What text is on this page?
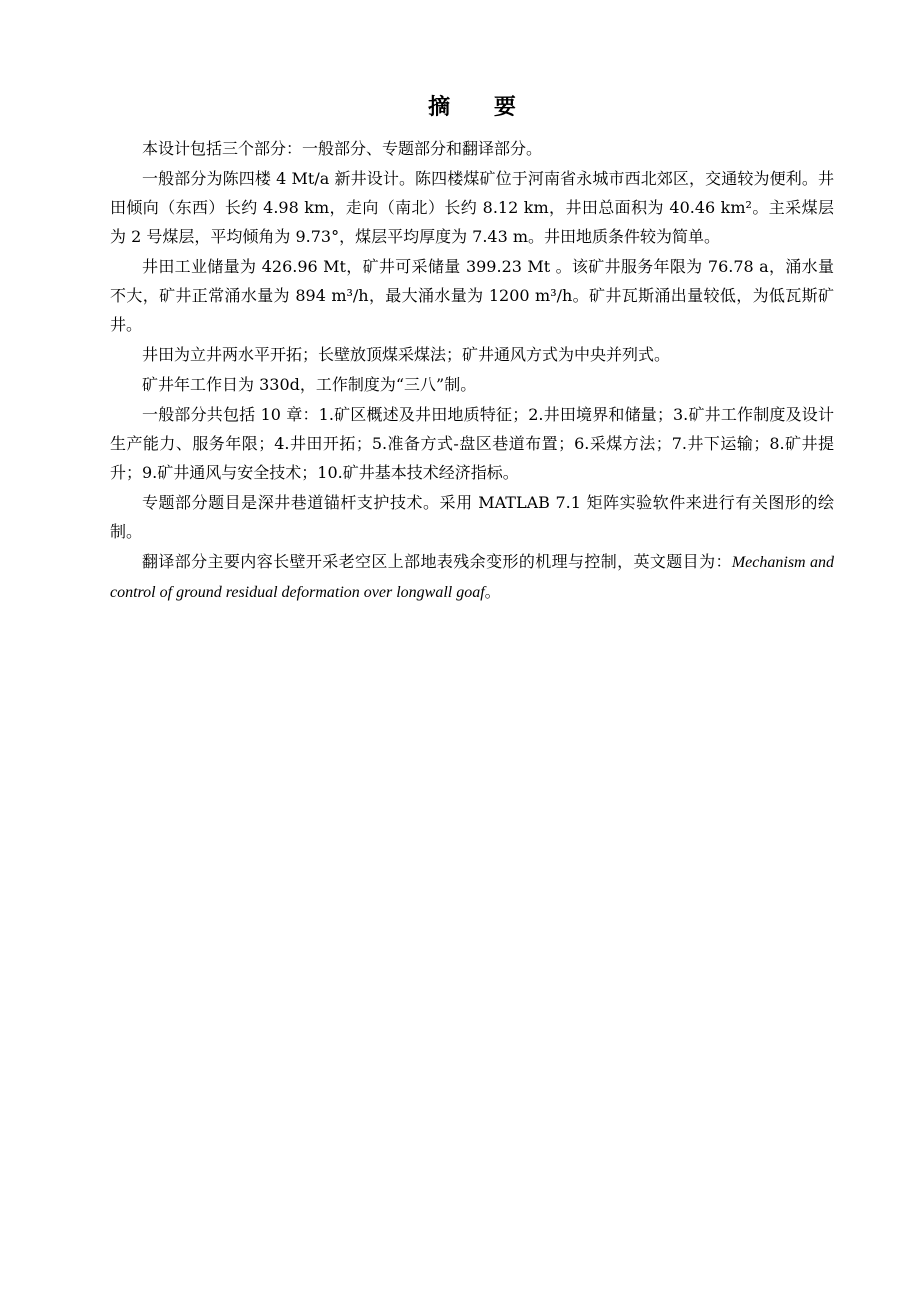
摘 要

本设计包括三个部分：一般部分、专题部分和翻译部分。

一般部分为陈四楼 4 Mt/a 新井设计。陈四楼煤矿位于河南省永城市西北郊区，交通较为便利。井田倾向（东西）长约 4.98 km，走向（南北）长约 8.12 km，井田总面积为 40.46 km²。主采煤层为 2 号煤层，平均倾角为 9.73°，煤层平均厚度为 7.43 m。井田地质条件较为简单。

井田工业储量为 426.96 Mt，矿井可采储量 399.23 Mt 。该矿井服务年限为 76.78 a，涌水量不大，矿井正常涌水量为 894 m³/h，最大涌水量为 1200 m³/h。矿井瓦斯涌出量较低，为低瓦斯矿井。

井田为立井两水平开拓；长壁放顶煤采煤法；矿井通风方式为中央并列式。

矿井年工作日为 330d，工作制度为“三八”制。

一般部分共包括 10 章：1.矿区概述及井田地质特征；2.井田境界和储量；3.矿井工作制度及设计生产能力、服务年限；4.井田开拓；5.准备方式-盘区巷道布置；6.采煤方法；7.井下运输；8.矿井提升；9.矿井通风与安全技术；10.矿井基本技术经济指标。

专题部分题目是深井巷道锚杆支护技术。采用 MATLAB 7.1 矩阵实验软件来进行有关图形的绘制。

翻译部分主要内容长壁开采老空区上部地表残余变形的机理与控制，英文题目为：Mechanism and control of ground residual deformation over longwall goaf。
